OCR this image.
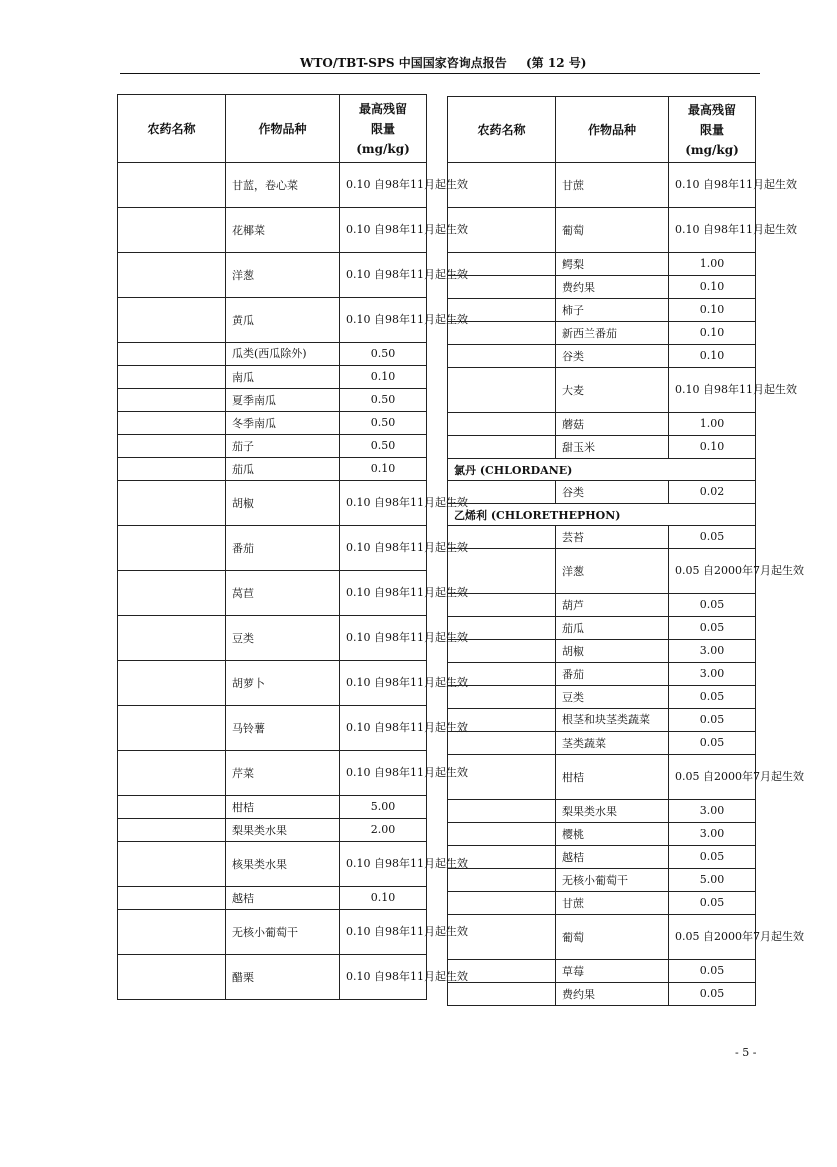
WTO/TBT-SPS 中国国家咨询点报告 (第 12 号)
农药名称	作物品种	最高残留
限量
(mg/kg)

	甘蓝，卷心菜	0.10 自98年11月起生效
	花椰菜	0.10 自98年11月起生效
	洋葱	0.10 自98年11月起生效
	黄瓜	0.10 自98年11月起生效
	瓜类(西瓜除外)	0.50
	南瓜	0.10
	夏季南瓜	0.50
	冬季南瓜	0.50
	茄子	0.50
	茄瓜	0.10
	胡椒	0.10 自98年11月起生效
	番茄	0.10 自98年11月起生效
	莴苣	0.10 自98年11月起生效
	豆类	0.10 自98年11月起生效
	胡萝卜	0.10 自98年11月起生效
	马铃薯	0.10 自98年11月起生效
	芹菜	0.10 自98年11月起生效
	柑桔	5.00
	梨果类水果	2.00
	核果类水果	0.10 自98年11月起生效
	越桔	0.10
	无核小葡萄干	0.10 自98年11月起生效
	醋栗	0.10 自98年11月起生效
农药名称	作物品种	最高残留
限量
(mg/kg)

	甘蔗	0.10 自98年11月起生效
	葡萄	0.10 自98年11月起生效
	鳄梨	1.00
	费约果	0.10
	柿子	0.10
	新西兰番茄	0.10
	谷类	0.10
	大麦	0.10 自98年11月起生效
	蘑菇	1.00
	甜玉米	0.10
氯丹 (CHLORDANE)		
	谷类	0.02
乙烯利 (CHLORETHEPHON)		
	芸苔	0.05
	洋葱	0.05 自2000年7月起生效
	葫芦	0.05
	茄瓜	0.05
	胡椒	3.00
	番茄	3.00
	豆类	0.05
	根茎和块茎类蔬菜	0.05
	茎类蔬菜	0.05
	柑桔	0.05 自2000年7月起生效
	梨果类水果	3.00
	樱桃	3.00
	越桔	0.05
	无核小葡萄干	5.00
	甘蔗	0.05
	葡萄	0.05 自2000年7月起生效
	草莓	0.05
	费约果	0.05
- 5 -
